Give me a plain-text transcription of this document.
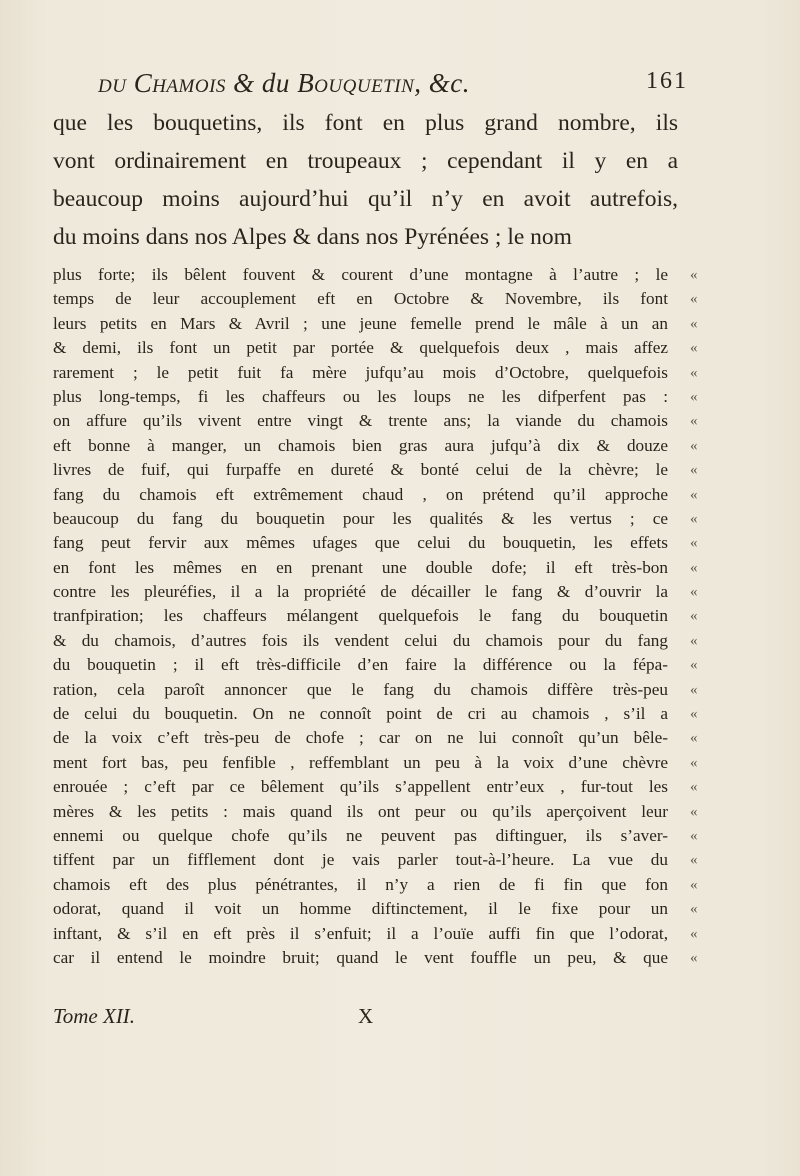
du Chamois & du Bouquetin, &c.	161
que les bouquetins, ils font en plus grand nombre, ils
vont ordinairement en troupeaux ; cependant il y en a
beaucoup moins aujourd’hui qu’il n’y en avoit autrefois,
du moins dans nos Alpes & dans nos Pyrénées ; le nom
plus forte; ils bêlent fouvent & courent d’une montagne à l’autre ; le
temps de leur accouplement eft en Octobre & Novembre, ils font
leurs petits en Mars & Avril ; une jeune femelle prend le mâle à un an
& demi, ils font un petit par portée & quelquefois deux , mais affez
rarement ; le petit fuit fa mère jufqu’au mois d’Octobre, quelquefois
plus long-temps, fi les chaffeurs ou les loups ne les difperfent pas :
on affure qu’ils vivent entre vingt & trente ans; la viande du chamois
eft bonne à manger, un chamois bien gras aura jufqu’à dix & douze
livres de fuif, qui furpaffe en dureté & bonté celui de la chèvre; le
fang du chamois eft extrêmement chaud , on prétend qu’il approche
beaucoup du fang du bouquetin pour les qualités & les vertus ; ce
fang peut fervir aux mêmes ufages que celui du bouquetin, les effets
en font les mêmes en en prenant une double dofe; il eft très-bon
contre les pleuréfies, il a la propriété de décailler le fang & d’ouvrir la
tranfpiration; les chaffeurs mélangent quelquefois le fang du bouquetin
& du chamois, d’autres fois ils vendent celui du chamois pour du fang
du bouquetin ; il eft très-difficile d’en faire la différence ou la fépa-
ration, cela paroît annoncer que le fang du chamois diffère très-peu
de celui du bouquetin. On ne connoît point de cri au chamois , s’il a
de la voix c’eft très-peu de chofe ; car on ne lui connoît qu’un bêle-
ment fort bas, peu fenfible , reffemblant un peu à la voix d’une chèvre
enrouée ; c’eft par ce bêlement qu’ils s’appellent entr’eux , fur-tout les
mères & les petits : mais quand ils ont peur ou qu’ils aperçoivent leur
ennemi ou quelque chofe qu’ils ne peuvent pas diftinguer, ils s’aver-
tiffent par un fifflement dont je vais parler tout-à-l’heure. La vue du
chamois eft des plus pénétrantes, il n’y a rien de fi fin que fon
odorat, quand il voit un homme diftinctement, il le fixe pour un
inftant, & s’il en eft près il s’enfuit; il a l’ouïe auffi fin que l’odorat,
car il entend le moindre bruit; quand le vent fouffle un peu, & que
«
«
«
«
«
«
«
«
«
«
«
«
«
«
«
«
«
«
«
«
«
«
«
«
«
«
«
«
«
Tome XII.	X
